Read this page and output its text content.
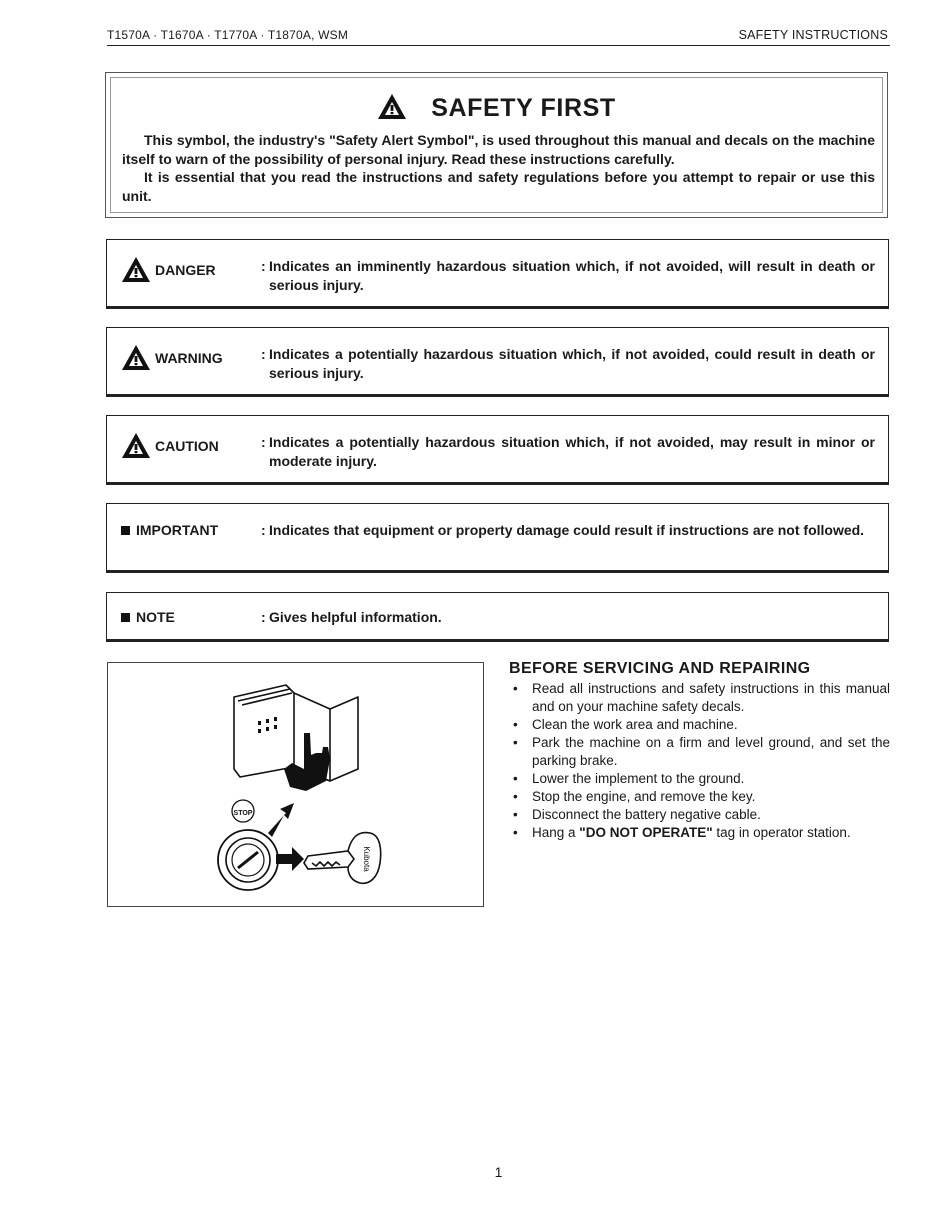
T1570A · T1670A · T1770A · T1870A, WSM	SAFETY INSTRUCTIONS
SAFETY FIRST

This symbol, the industry's "Safety Alert Symbol", is used throughout this manual and decals on the machine itself to warn of the possibility of personal injury. Read these instructions carefully.

It is essential that you read the instructions and safety regulations before you attempt to repair or use this unit.

DANGER	: Indicates an imminently hazardous situation which, if not avoided, will result in death or serious injury.
WARNING	: Indicates a potentially hazardous situation which, if not avoided, could result in death or serious injury.
CAUTION	: Indicates a potentially hazardous situation which, if not avoided, may result in minor or moderate injury.
IMPORTANT	: Indicates that equipment or property damage could result if instructions are not followed.
NOTE	: Gives helpful information.
STOP
Kubota
BEFORE SERVICING AND REPAIRING
• Read all instructions and safety instructions in this manual and on your machine safety decals.
• Clean the work area and machine.
• Park the machine on a firm and level ground, and set the parking brake.
• Lower the implement to the ground.
• Stop the engine, and remove the key.
• Disconnect the battery negative cable.
• Hang a "DO NOT OPERATE" tag in operator station.
1
